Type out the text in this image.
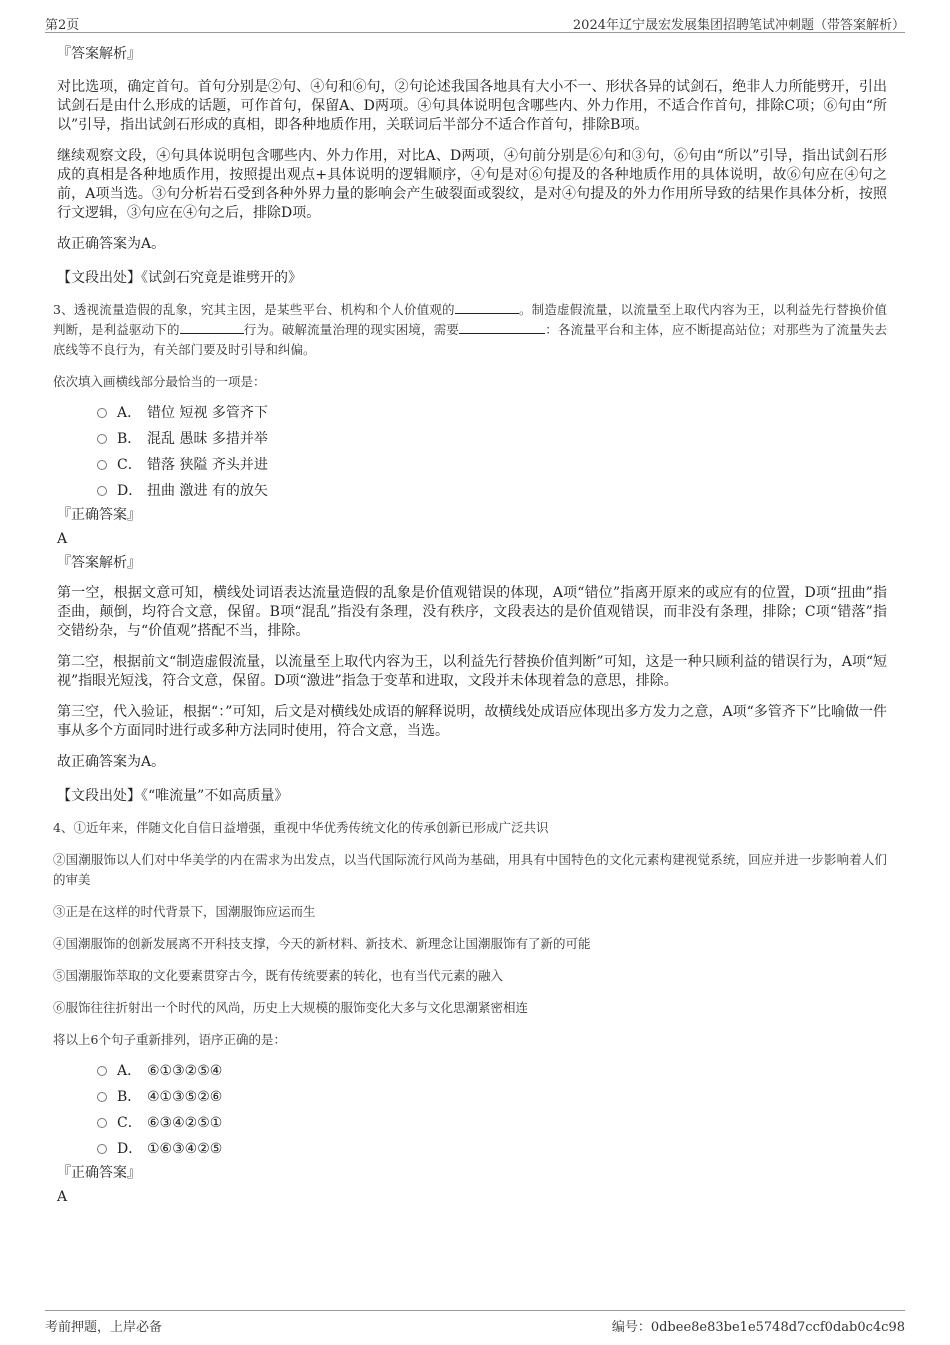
第2页	2024年辽宁晟宏发展集团招聘笔试冲刺题（带答案解析）

『答案解析』

对比选项，确定首句。首句分别是②句、④句和⑥句，②句论述我国各地具有大小不一、形状各异的试剑石，绝非人力所能劈开，引出试剑石是由什么形成的话题，可作首句，保留A、D两项。④句具体说明包含哪些内、外力作用，不适合作首句，排除C项；⑥句由“所以”引导，指出试剑石形成的真相，即各种地质作用，关联词后半部分不适合作首句，排除B项。

继续观察文段，④句具体说明包含哪些内、外力作用，对比A、D两项，④句前分别是⑥句和③句，⑥句由“所以”引导，指出试剑石形成的真相是各种地质作用，按照提出观点+具体说明的逻辑顺序，④句是对⑥句提及的各种地质作用的具体说明，故⑥句应在④句之前，A项当选。③句分析岩石受到各种外界力量的影响会产生破裂面或裂纹，是对④句提及的外力作用所导致的结果作具体分析，按照行文逻辑，③句应在④句之后，排除D项。

故正确答案为A。

【文段出处】《试剑石究竟是谁劈开的》

3、透视流量造假的乱象，究其主因，是某些平台、机构和个人价值观的	。制造虚假流量，以流量至上取代内容为王，以利益先行替换价值判断，是利益驱动下的	行为。破解流量治理的现实困境，需要	：各流量平台和主体，应不断提高站位；对那些为了流量失去底线等不良行为，有关部门要及时引导和纠偏。

依次填入画横线部分最恰当的一项是：

A． 错位 短视 多管齐下
B． 混乱 愚昧 多措并举
C． 错落 狭隘 齐头并进
D． 扭曲 激进 有的放矢

『正确答案』

A

『答案解析』

第一空，根据文意可知，横线处词语表达流量造假的乱象是价值观错误的体现，A项“错位”指离开原来的或应有的位置，D项“扭曲”指歪曲，颠倒，均符合文意，保留。B项“混乱”指没有条理，没有秩序，文段表达的是价值观错误，而非没有条理，排除；C项“错落”指交错纷杂，与“价值观”搭配不当，排除。

第二空，根据前文“制造虚假流量，以流量至上取代内容为王，以利益先行替换价值判断”可知，这是一种只顾利益的错误行为，A项“短视”指眼光短浅，符合文意，保留。D项“激进”指急于变革和进取，文段并未体现着急的意思，排除。

第三空，代入验证，根据“：”可知，后文是对横线处成语的解释说明，故横线处成语应体现出多方发力之意，A项“多管齐下”比喻做一件事从多个方面同时进行或多种方法同时使用，符合文意，当选。

故正确答案为A。

【文段出处】《“唯流量”不如高质量》

4、①近年来，伴随文化自信日益增强，重视中华优秀传统文化的传承创新已形成广泛共识

②国潮服饰以人们对中华美学的内在需求为出发点，以当代国际流行风尚为基础，用具有中国特色的文化元素构建视觉系统，回应并进一步影响着人们的审美

③正是在这样的时代背景下，国潮服饰应运而生

④国潮服饰的创新发展离不开科技支撑，今天的新材料、新技术、新理念让国潮服饰有了新的可能

⑤国潮服饰萃取的文化要素贯穿古今，既有传统要素的转化，也有当代元素的融入

⑥服饰往往折射出一个时代的风尚，历史上大规模的服饰变化大多与文化思潮紧密相连

将以上6个句子重新排列，语序正确的是：

A． ⑥①③②⑤④
B． ④①③⑤②⑥
C． ⑥③④②⑤①
D． ①⑥③④②⑤

『正确答案』

A

考前押题，上岸必备	编号：0dbee8e83be1e5748d7ccf0dab0c4c98
